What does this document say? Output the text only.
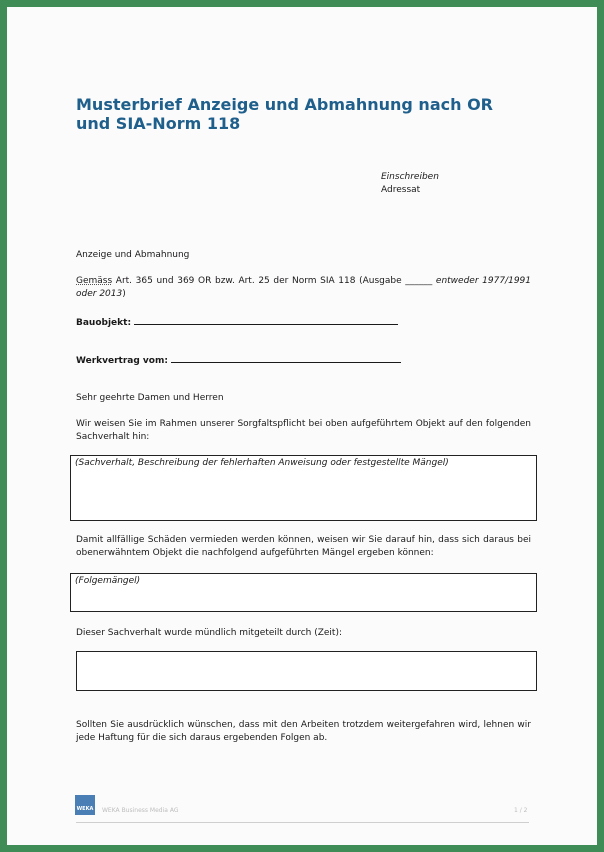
Musterbrief Anzeige und Abmahnung nach OR
und SIA-Norm 118
Einschreiben
Adressat
Anzeige und Abmahnung
Gemäss Art. 365 und 369 OR bzw. Art. 25 der Norm SIA 118 (Ausgabe ______ entweder 1977/1991 oder 2013)
Bauobjekt:
Werkvertrag vom:
Sehr geehrte Damen und Herren
Wir weisen Sie im Rahmen unserer Sorgfaltspflicht bei oben aufgeführtem Objekt auf den folgenden Sachverhalt hin:
(Sachverhalt, Beschreibung der fehlerhaften Anweisung oder festgestellte Mängel)
Damit allfällige Schäden vermieden werden können, weisen wir Sie darauf hin, dass sich daraus bei obenerwähntem Objekt die nachfolgend aufgeführten Mängel ergeben können:
(Folgemängel)
Dieser Sachverhalt wurde mündlich mitgeteilt durch (Zeit):
Sollten Sie ausdrücklich wünschen, dass mit den Arbeiten trotzdem weitergefahren wird, lehnen wir jede Haftung für die sich daraus ergebenden Folgen ab.
WEKA WEKA Business Media AG	1 / 2
